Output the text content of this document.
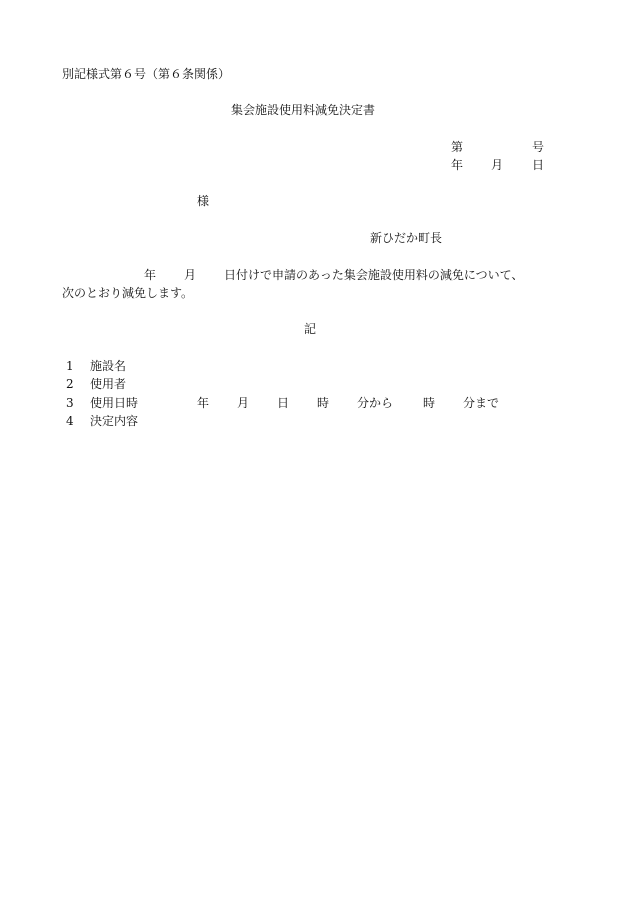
別記様式第６号（第６条関係）
集会施設使用料減免決定書
第	号
年 月 日
様
新ひだか町長
年 月 日付けで申請のあった集会施設使用料の減免について、
次のとおり減免します。
記
1 施設名
2 使用者
3 使用日時	年 月 日 時 分から 時 分まで
4 決定内容
